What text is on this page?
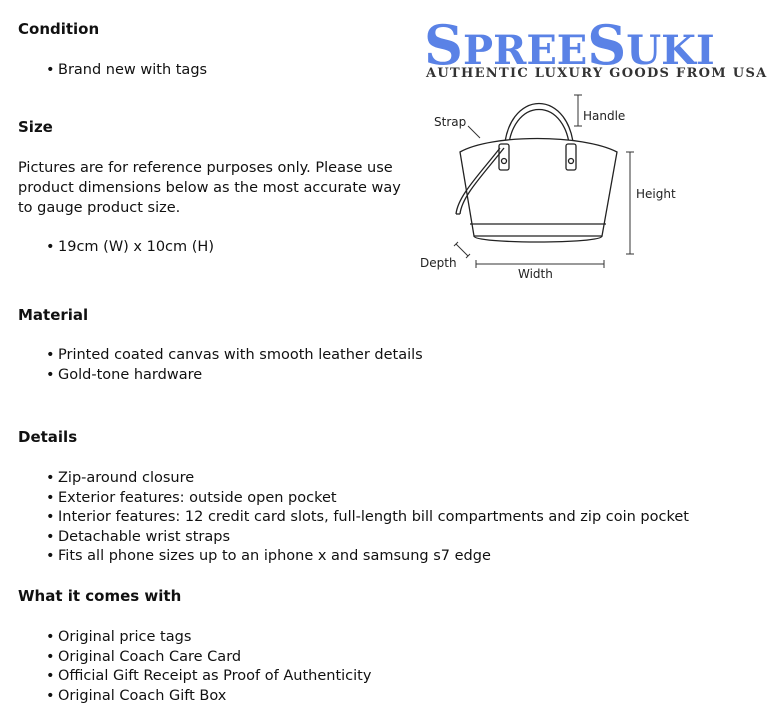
Condition
• Brand new with tags
Size

Pictures are for reference purposes only. Please use product dimensions below as the most accurate way to gauge product size.

• 19cm (W) x 10cm (H)
Material
• Printed coated canvas with smooth leather details
• Gold-tone hardware
Details
• Zip-around closure
• Exterior features: outside open pocket
• Interior features: 12 credit card slots, full-length bill compartments and zip coin pocket
• Detachable wrist straps
• Fits all phone sizes up to an iphone x and samsung s7 edge
What it comes with
• Original price tags
• Original Coach Care Card
• Official Gift Receipt as Proof of Authenticity
• Original Coach Gift Box
SPREESUKI
AUTHENTIC LUXURY GOODS FROM USA
Strap	Handle
Height
Depth
Width
